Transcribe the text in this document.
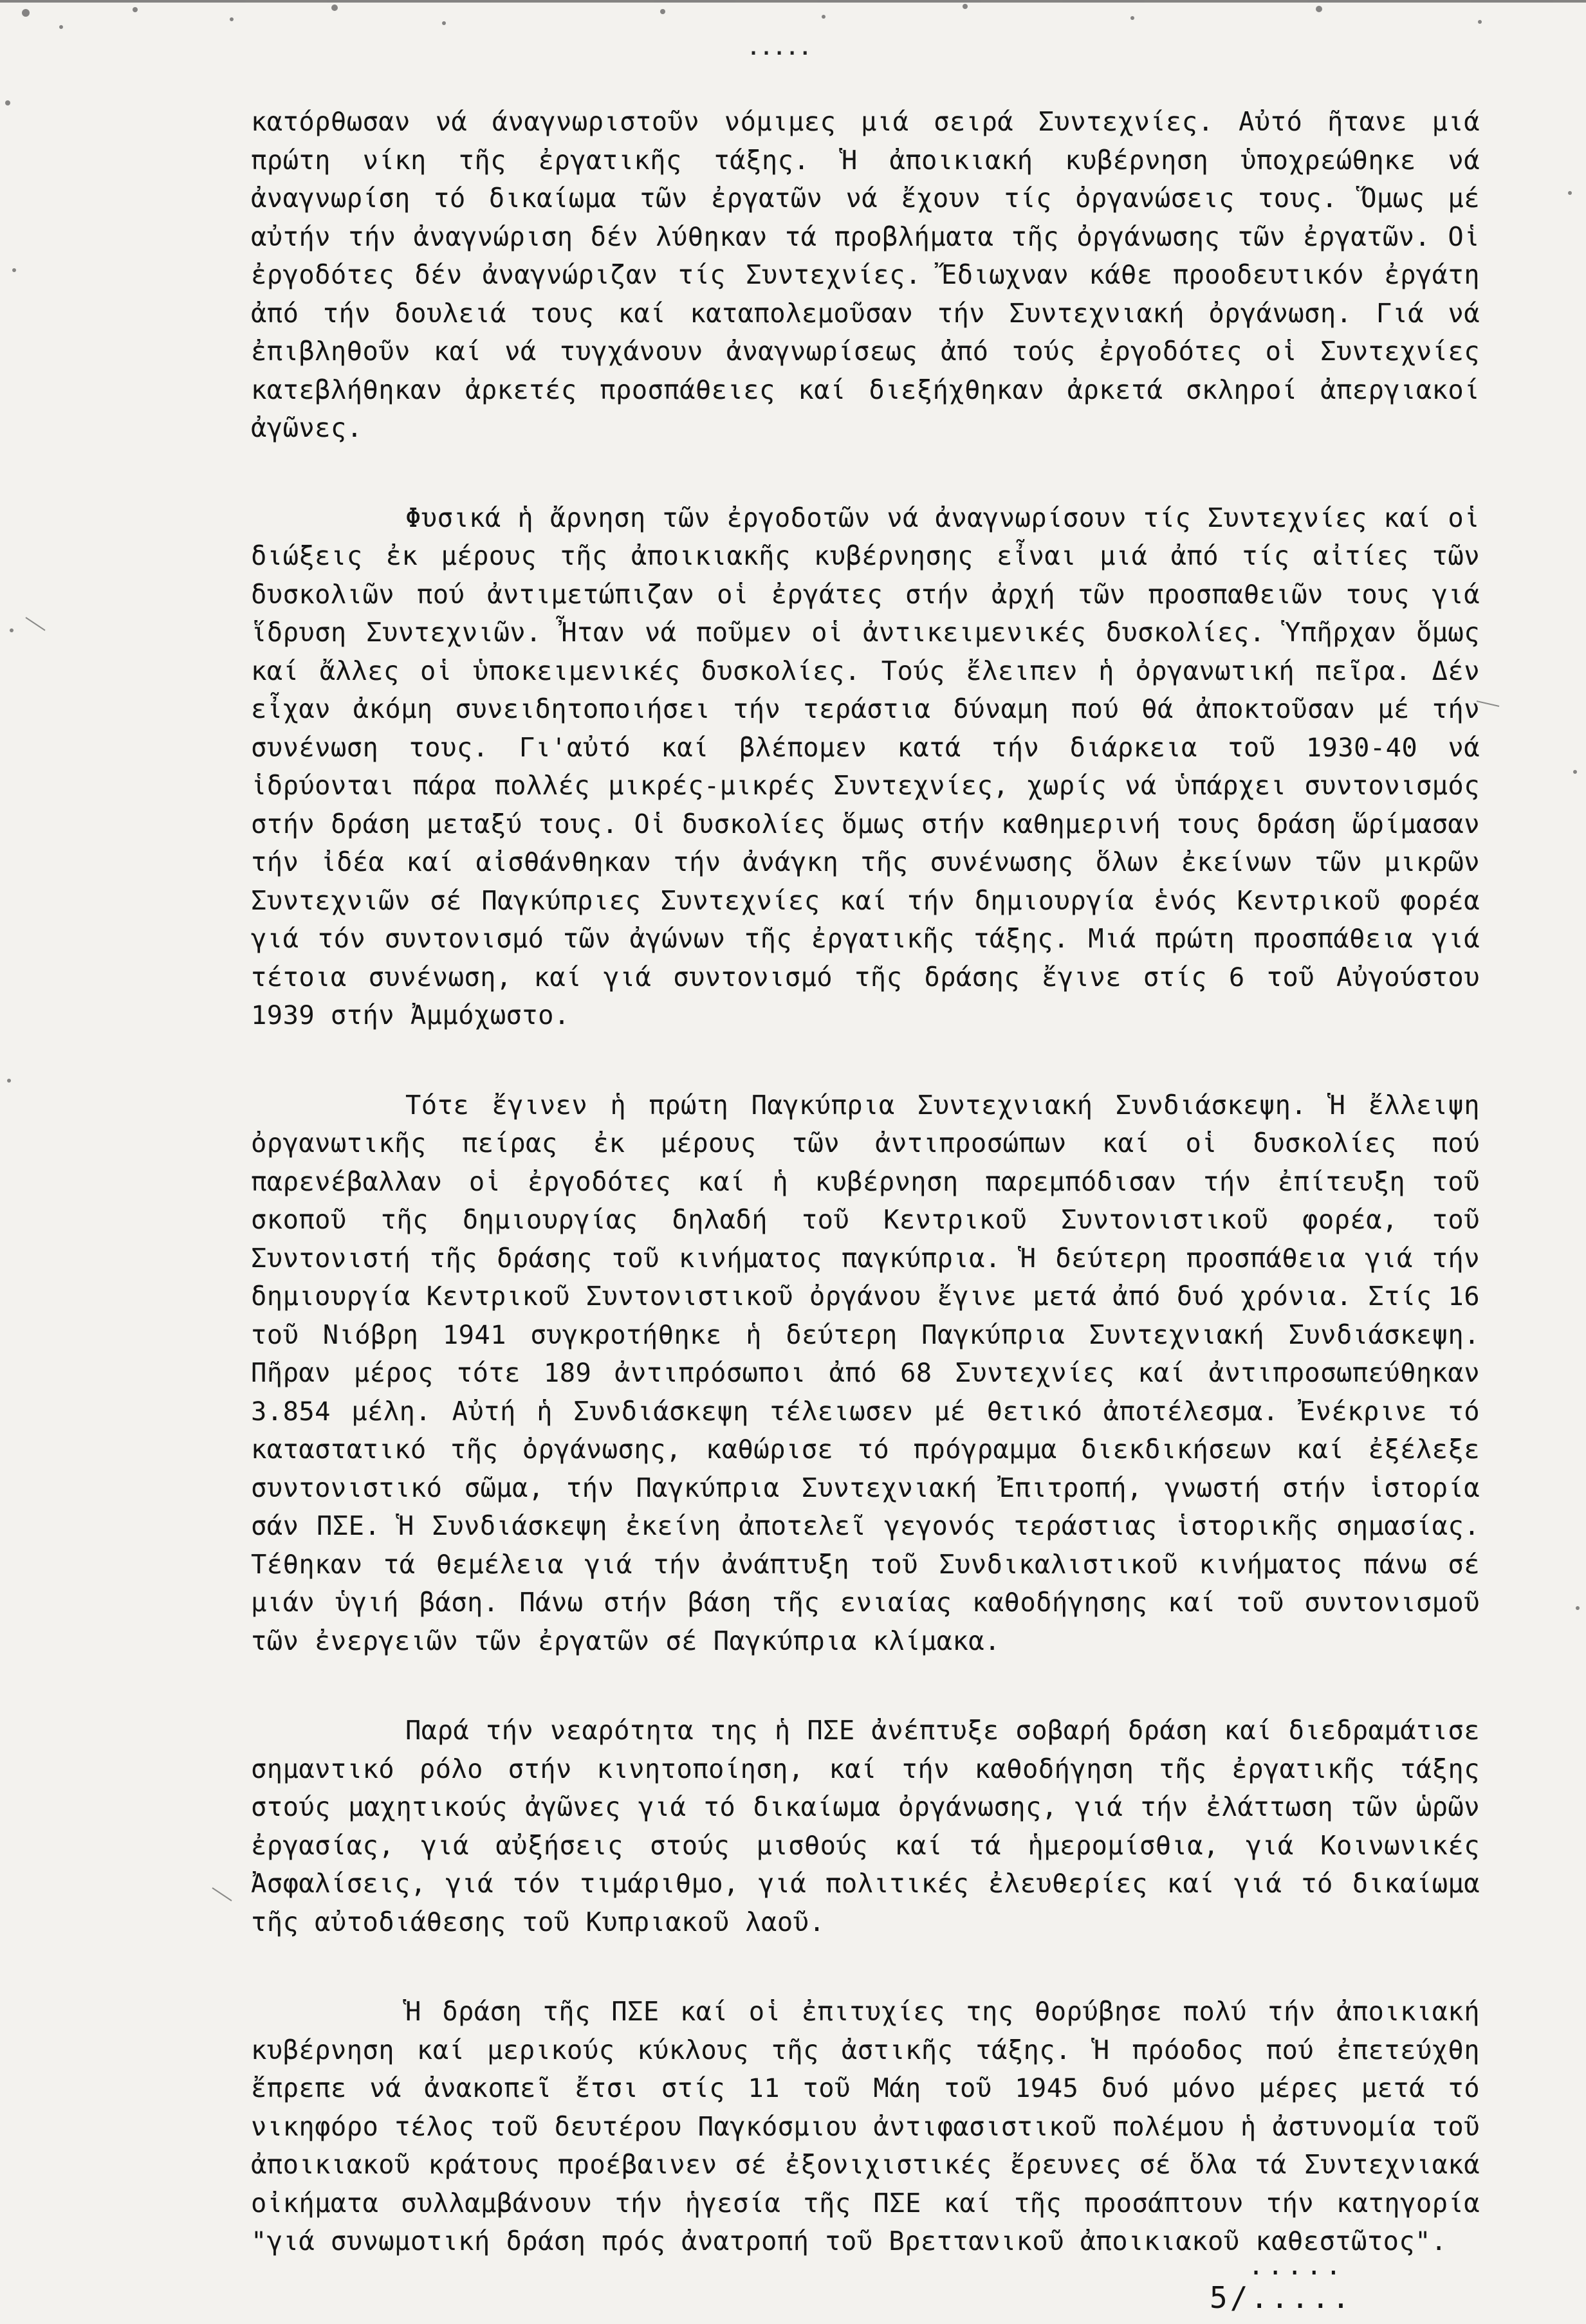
·····

κατόρθωσαν νά άναγνωριστοῦν νόμιμες μιά σειρά Συντεχνίες. Αὐτό ῆτανε μιά πρώτη νίκη τῆς ἐργατικῆς τάξης. Ἡ ἀποικιακή κυβέρνηση ὑποχρεώθηκε νά ἀναγνωρίση τό δικαίωμα τῶν ἐργατῶν νά ἔχουν τίς ὀργανώσεις τους. Ὅμως μέ αὐτήν τήν ἀναγνώριση δέν λύθηκαν τά προβλήματα τῆς ὀργάνωσης τῶν ἐργατῶν. Οἱ ἐργοδότες δέν ἀναγνώριζαν τίς Συντεχνίες. Ἔδιωχναν κάθε προοδευτικόν ἐργάτη ἀπό τήν δουλειά τους καί καταπολεμοῦσαν τήν Συντεχνιακή ὀργάνωση. Γιά νά ἐπιβληθοῦν καί νά τυγχάνουν ἀναγνωρίσεως ἀπό τούς ἐργοδότες οἱ Συντεχνίες κατεβλήθηκαν ἀρκετές προσπάθειες καί διεξήχθηκαν ἀρκετά σκληροί ἀπεργιακοί ἀγῶνες.

Φυσικά ἡ ἄρνηση τῶν ἐργοδοτῶν νά ἀναγνωρίσουν τίς Συντεχνίες καί οἱ διώξεις ἐκ μέρους τῆς ἀποικιακῆς κυβέρνησης εἶναι μιά ἀπό τίς αἰτίες τῶν δυσκολιῶν πού ἀντιμετώπιζαν οἱ ἐργάτες στήν ἀρχή τῶν προσπαθειῶν τους γιά ἵδρυση Συντεχνιῶν. Ἦταν νά ποῦμεν οἱ ἀντικειμενικές δυσκολίες. Ὑπῆρχαν ὅμως καί ἄλλες οἱ ὑποκειμενικές δυσκολίες. Τούς ἔλειπεν ἡ ὀργανωτική πεῖρα. Δέν εἶχαν ἀκόμη συνειδητοποιήσει τήν τεράστια δύναμη πού θά ἀποκτοῦσαν μέ τήν συνένωση τους. Γι'αὐτό καί βλέπομεν κατά τήν διάρκεια τοῦ 1930-40 νά ἱδρύονται πάρα πολλές μικρές-μικρές Συντεχνίες, χωρίς νά ὑπάρχει συντονισμός στήν δράση μεταξύ τους. Οἱ δυσκολίες ὅμως στήν καθημερινή τους δράση ὥρίμασαν τήν ἰδέα καί αἰσθάνθηκαν τήν ἀνάγκη τῆς συνένωσης ὅλων ἐκείνων τῶν μικρῶν Συντεχνιῶν σέ Παγκύπριες Συντεχνίες καί τήν δημιουργία ἑνός Κεντρικοῦ φορέα γιά τόν συντονισμό τῶν ἀγώνων τῆς ἐργατικῆς τάξης. Μιά πρώτη προσπάθεια γιά τέτοια συνένωση, καί γιά συντονισμό τῆς δράσης ἔγινε στίς 6 τοῦ Αὐγούστου 1939 στήν Ἀμμόχωστο.

Τότε ἔγινεν ἡ πρώτη Παγκύπρια Συντεχνιακή Συνδιάσκεψη. Ἡ ἔλλειψη ὀργανωτικῆς πείρας ἐκ μέρους τῶν ἀντιπροσώπων καί οἱ δυσκολίες πού παρενέβαλλαν οἱ ἐργοδότες καί ἡ κυβέρνηση παρεμπόδισαν τήν ἐπίτευξη τοῦ σκοποῦ τῆς δημιουργίας δηλαδή τοῦ Κεντρικοῦ Συντονιστικοῦ φορέα, τοῦ Συντονιστή τῆς δράσης τοῦ κινήματος παγκύπρια. Ἡ δεύτερη προσπάθεια γιά τήν δημιουργία Κεντρικοῦ Συντονιστικοῦ ὀργάνου ἔγινε μετά ἀπό δυό χρόνια. Στίς 16 τοῦ Νιόβρη 1941 συγκροτήθηκε ἡ δεύτερη Παγκύπρια Συντεχνιακή Συνδιάσκεψη. Πῆραν μέρος τότε 189 ἀντιπρόσωποι ἀπό 68 Συντεχνίες καί ἀντιπροσωπεύθηκαν 3.854 μέλη. Αὐτή ἡ Συνδιάσκεψη τέλειωσεν μέ θετικό ἀποτέλεσμα. Ἐνέκρινε τό καταστατικό τῆς ὀργάνωσης, καθώρισε τό πρόγραμμα διεκδικήσεων καί ἐξέλεξε συντονιστικό σῶμα, τήν Παγκύπρια Συντεχνιακή Ἐπιτροπή, γνωστή στήν ἱστορία σάν ΠΣΕ. Ἡ Συνδιάσκεψη ἐκείνη ἀποτελεῖ γεγονός τεράστιας ἱστορικῆς σημασίας. Τέθηκαν τά θεμέλεια γιά τήν ἀνάπτυξη τοῦ Συνδικαλιστικοῦ κινήματος πάνω σέ μιάν ὑγιή βάση. Πάνω στήν βάση τῆς ενιαίας καθοδήγησης καί τοῦ συντονισμοῦ τῶν ἐνεργειῶν τῶν ἐργατῶν σέ Παγκύπρια κλίμακα.

Παρά τήν νεαρότητα της ἡ ΠΣΕ ἀνέπτυξε σοβαρή δράση καί διεδραμάτισε σημαντικό ρόλο στήν κινητοποίηση, καί τήν καθοδήγηση τῆς ἐργατικῆς τάξης στούς μαχητικούς ἀγῶνες γιά τό δικαίωμα ὀργάνωσης, γιά τήν ἐλάττωση τῶν ὡρῶν ἐργασίας, γιά αὐξήσεις στούς μισθούς καί τά ἡμερομίσθια, γιά Κοινωνικές Ἀσφαλίσεις, γιά τόν τιμάριθμο, γιά πολιτικές ἐλευθερίες καί γιά τό δικαίωμα τῆς αὐτοδιάθεσης τοῦ Κυπριακοῦ λαοῦ.

Ἡ δράση τῆς ΠΣΕ καί οἱ ἐπιτυχίες της θορύβησε πολύ τήν ἀποικιακή κυβέρνηση καί μερικούς κύκλους τῆς ἀστικῆς τάξης. Ἡ πρόοδος πού ἐπετεύχθη ἔπρεπε νά ἀνακοπεῖ ἔτσι στίς 11 τοῦ Μάη τοῦ 1945 δυό μόνο μέρες μετά τό νικηφόρο τέλος τοῦ δευτέρου Παγκόσμιου ἀντιφασιστικοῦ πολέμου ἡ ἀστυνομία τοῦ ἀποικιακοῦ κράτους προέβαινεν σέ ἐξονιχιστικές ἔρευνες σέ ὅλα τά Συντεχνιακά οἰκήματα συλλαμβάνουν τήν ἡγεσία τῆς ΠΣΕ καί τῆς προσάπτουν τήν κατηγορία "γιά συνωμοτική δράση πρός ἀνατροπή τοῦ Βρεττανικοῦ ἀποικιακοῦ καθεστῶτος".

.....
5/.....
